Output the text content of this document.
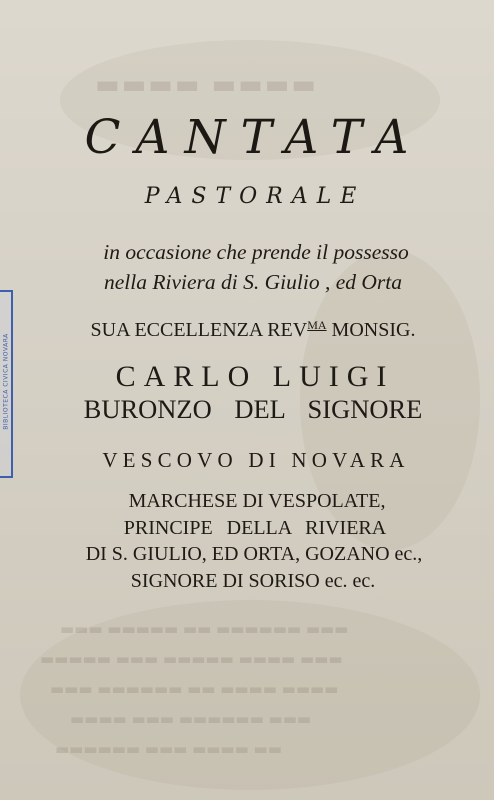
▬▬▬▬ ▬▬▬▬
▬▬▬ ▬▬▬▬▬ ▬▬ ▬▬▬▬▬▬ ▬▬▬
▬▬▬▬▬ ▬▬▬ ▬▬▬▬▬ ▬▬▬▬ ▬▬▬
▬▬▬ ▬▬▬▬▬▬ ▬▬ ▬▬▬▬ ▬▬▬▬
▬▬▬▬ ▬▬▬ ▬▬▬▬▬▬ ▬▬▬
▬▬▬▬▬▬ ▬▬▬ ▬▬▬▬ ▬▬
BIBLIOTECA CIVICA NOVARA
CANTATA
PASTORALE
in occasione che prende il possesso
nella Riviera di S. Giulio , ed Orta
SUA ECCELLENZA $REV^{MA}$ MONSIG.
CARLO LUIGI
BURONZO DEL SIGNORE
VESCOVO DI NOVARA
MARCHESE DI VESPOLATE,
PRINCIPE DELLA RIVIERA
DI S. GIULIO, ED ORTA, GOZANO ec.,
SIGNORE DI SORISO ec. ec.
